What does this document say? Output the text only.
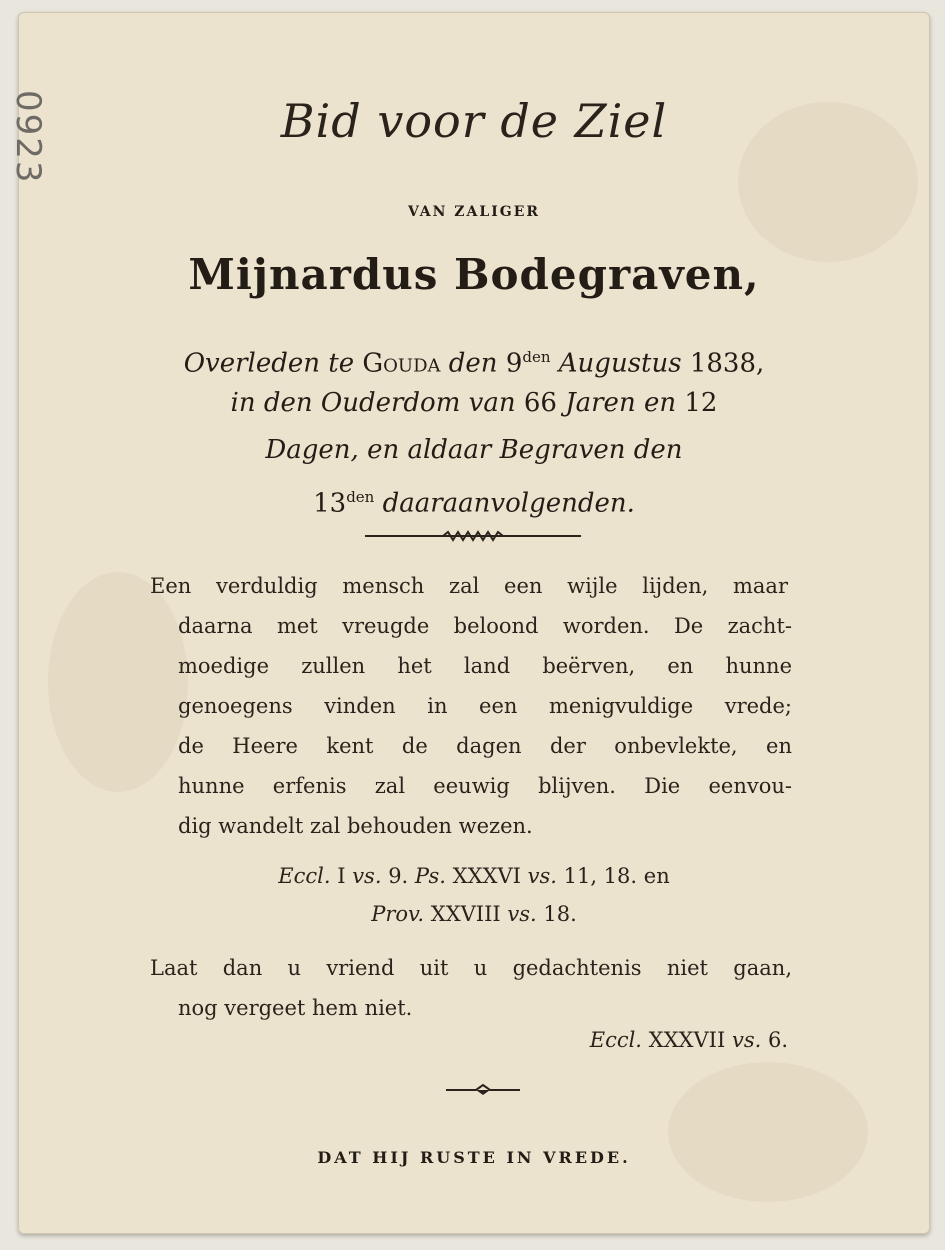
0923	Bid voor de Ziel

VAN ZALIGER

Mijnardus Bodegraven,

Overleden te Gouda den $9^{den}$ Augustus 1838,

in den Ouderdom van 66 Jaren en 12

Dagen, en aldaar Begraven den

$13^{den}$ daaraanvolgenden.

Een verduldig mensch zal een wijle lijden, maar

daarna met vreugde beloond worden. De zacht-

moedige zullen het land beërven, en hunne

genoegens vinden in een menigvuldige vrede;

de Heere kent de dagen der onbevlekte, en

hunne erfenis zal eeuwig blijven. Die eenvou-

dig wandelt zal behouden wezen.

Eccl. I vs. 9. Ps. XXXVI vs. 11, 18. en

Prov. XXVIII vs. 18.

Laat dan u vriend uit u gedachtenis niet gaan,

nog vergeet hem niet.

Eccl. XXXVII vs. 6.

DAT HIJ RUSTE IN VREDE.
